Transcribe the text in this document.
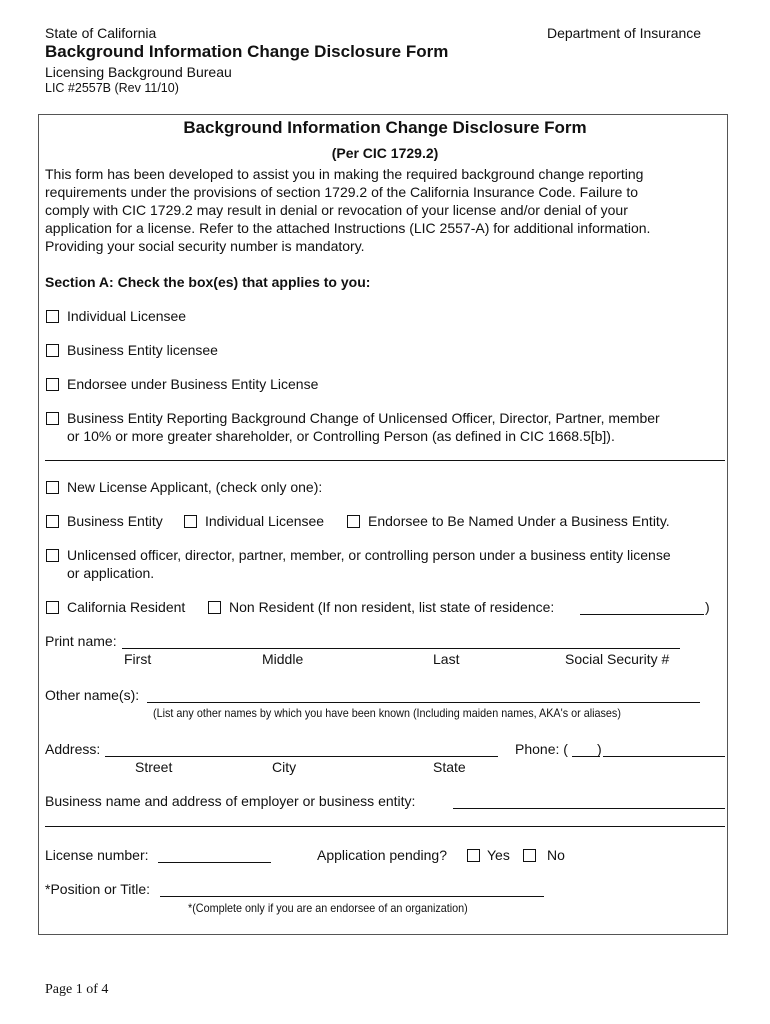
State of California	Department of Insurance
Background Information Change Disclosure Form
Licensing Background Bureau
LIC #2557B (Rev 11/10)
Background Information Change Disclosure Form
(Per CIC 1729.2)
This form has been developed to assist you in making the required background change reporting
requirements under the provisions of section 1729.2 of the California Insurance Code. Failure to
comply with CIC 1729.2 may result in denial or revocation of your license and/or denial of your
application for a license. Refer to the attached Instructions (LIC 2557-A) for additional information.
Providing your social security number is mandatory.
Section A: Check the box(es) that applies to you:
Individual Licensee
Business Entity licensee
Endorsee under Business Entity License
Business Entity Reporting Background Change of Unlicensed Officer, Director, Partner, member
or 10% or more greater shareholder, or Controlling Person (as defined in CIC 1668.5[b]).
New License Applicant, (check only one):
Business Entity	Individual Licensee	Endorsee to Be Named Under a Business Entity.
Unlicensed officer, director, partner, member, or controlling person under a business entity license
or application.
California Resident	Non Resident (If non resident, list state of residence:	)
Print name:
First	Middle	Last	Social Security #
Other name(s):
(List any other names by which you have been known (Including maiden names, AKA's or aliases)
Address:	Phone: ( )
Street	City	State
Business name and address of employer or business entity:
License number:	Application pending?	Yes	No
*Position or Title:
*(Complete only if you are an endorsee of an organization)
Page 1 of 4
